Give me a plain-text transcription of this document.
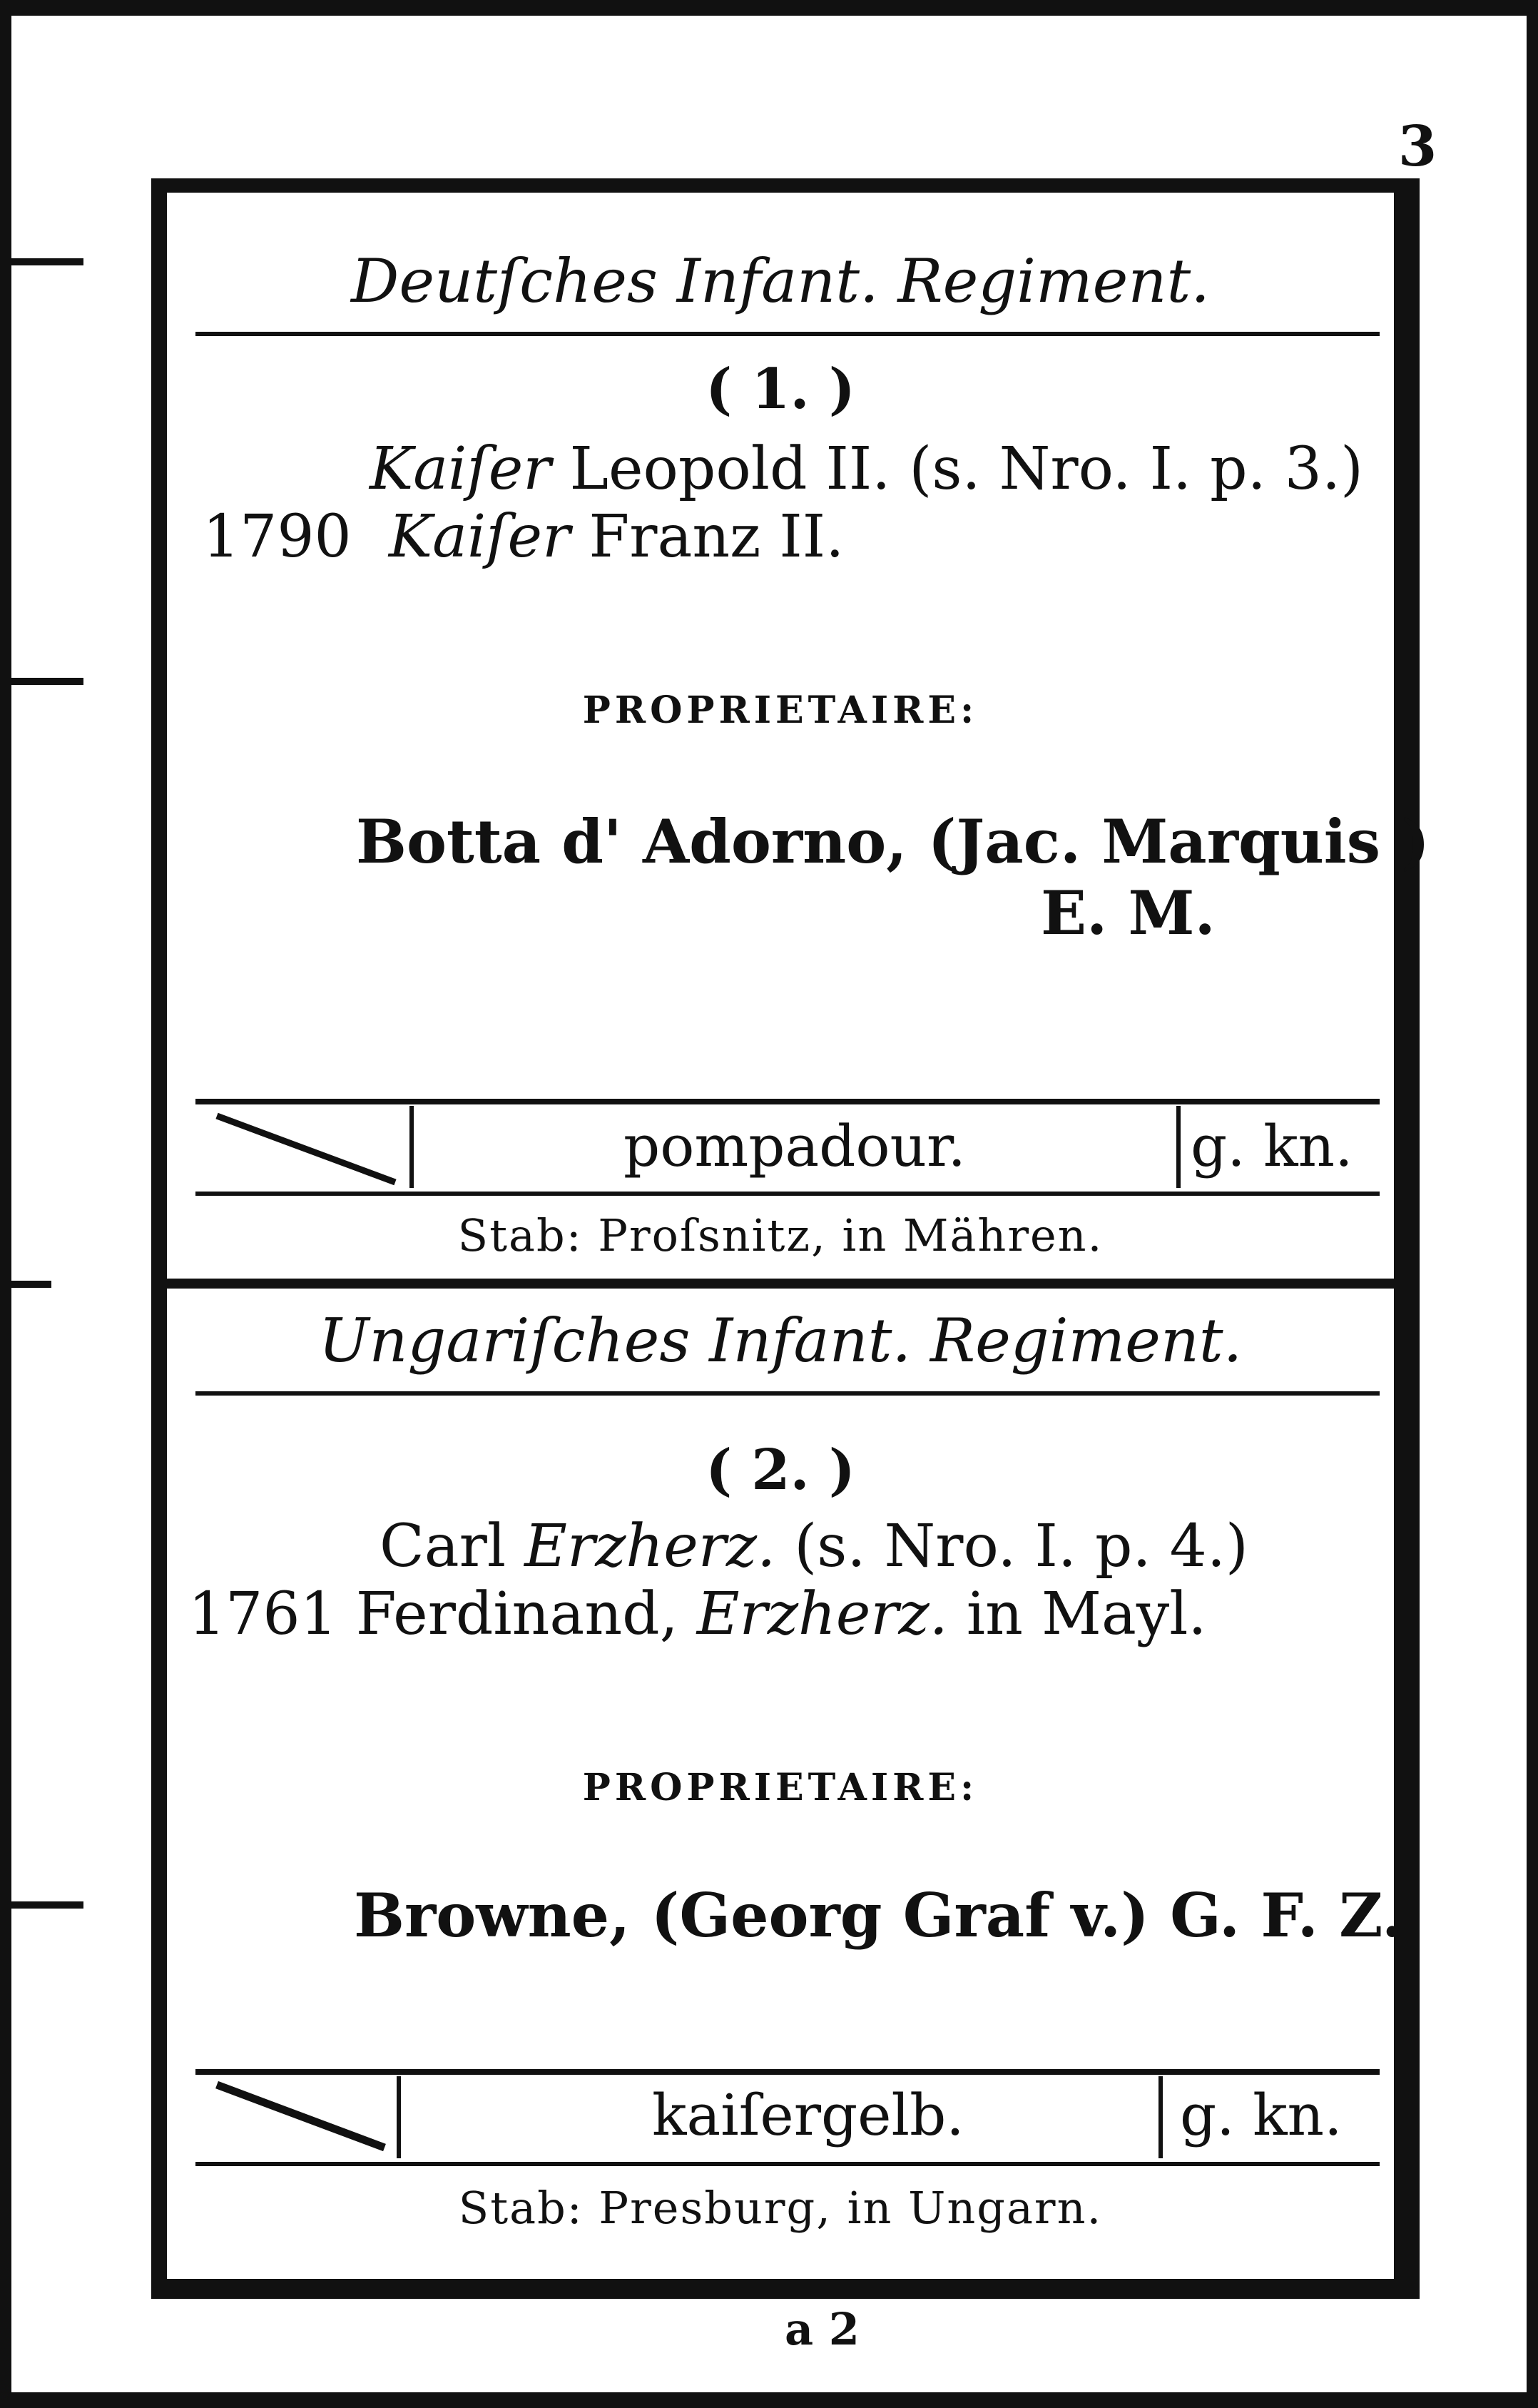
3
Deutſches Infant. Regiment.
( 1. )
Kaiſer Leopold II. (s. Nro. I. p. 3.)
1790 Kaiſer Franz II.
PROPRIETAIRE:
Botta d' Adorno, (Jac. Marquis )
E. M.
pompadour.	g. kn.
Stab: Proſsnitz, in Mähren.
Ungariſches Infant. Regiment.
( 2. )
Carl Erzherz. (s. Nro. I. p. 4.)
1761 Ferdinand, Erzherz. in Mayl.
PROPRIETAIRE:
Browne, (Georg Graf v.) G. F. Z.
kaiſergelb.	g. kn.
Stab: Presburg, in Ungarn.
a 2
